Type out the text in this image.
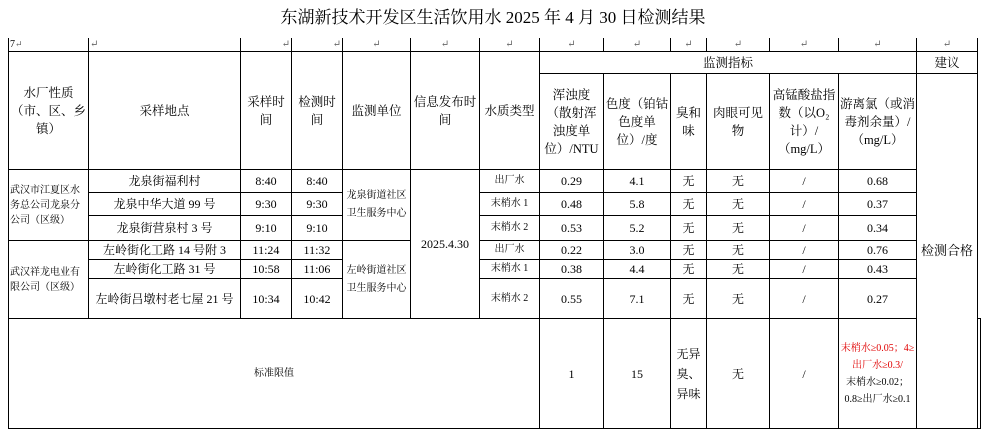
东湖新技术开发区生活饮用水 2025 年 4 月 30 日检测结果
7↵	↵	↵	↵	↵	↵	↵	↵	↵	↵	↵	↵	↵	↵	
水厂性质（市、区、乡镇）	采样地点	采样时间	检测时间	监测单位	信息发布时间	水质类型	监测指标						建议	
							浑浊度（散射浑浊度单位）/NTU	色度（铂钴色度单位）/度	臭和味	肉眼可见物	高锰酸盐指数（以O₂计）/（mg/L）	游离氯（或消毒剂余量）/（mg/L）	检测合格	
武汉市江夏区水务总公司龙泉分公司（区级）	龙泉街福利村	8:40	8:40	龙泉街道社区卫生服务中心	2025.4.30	出厂水	0.29	4.1	无	无	/	0.68		
	龙泉中华大道 99 号	9:30	9:30			末梢水 1	0.48	5.8	无	无	/	0.37		
	龙泉街营泉村 3 号	9:10	9:10			末梢水 2	0.53	5.2	无	无	/	0.34		
武汉祥龙电业有限公司（区级）	左岭街化工路 14 号附 3	11:24	11:32	左岭街道社区卫生服务中心		出厂水	0.22	3.0	无	无	/	0.76		
	左岭街化工路 31 号	10:58	11:06			末梢水 1	0.38	4.4	无	无	/	0.43		
	左岭街吕墩村老七屋 21 号	10:34	10:42			末梢水 2	0.55	7.1	无	无	/	0.27		
标准限值							1	15	无异臭、异味	无	/	末梢水≥0.05；4≥出厂水≥0.3/
末梢水≥0.02；0.8≥出厂水≥0.1		
